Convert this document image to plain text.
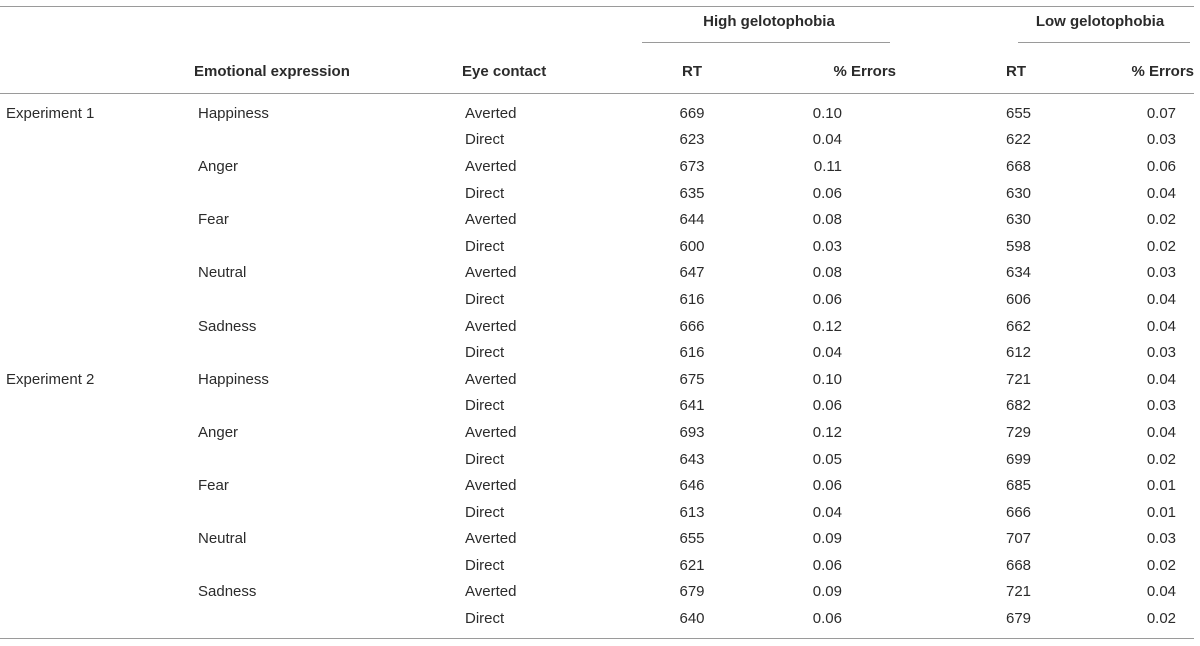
			High gelotophobia			Low gelotophobia	

	Emotional expression	Eye contact	RT	% Errors		RT	% Errors
Experiment 1	Happiness	Averted	669	0.10		655	0.07
		Direct	623	0.04		622	0.03
	Anger	Averted	673	0.11		668	0.06
		Direct	635	0.06		630	0.04
	Fear	Averted	644	0.08		630	0.02
		Direct	600	0.03		598	0.02
	Neutral	Averted	647	0.08		634	0.03
		Direct	616	0.06		606	0.04
	Sadness	Averted	666	0.12		662	0.04
		Direct	616	0.04		612	0.03
Experiment 2	Happiness	Averted	675	0.10		721	0.04
		Direct	641	0.06		682	0.03
	Anger	Averted	693	0.12		729	0.04
		Direct	643	0.05		699	0.02
	Fear	Averted	646	0.06		685	0.01
		Direct	613	0.04		666	0.01
	Neutral	Averted	655	0.09		707	0.03
		Direct	621	0.06		668	0.02
	Sadness	Averted	679	0.09		721	0.04
		Direct	640	0.06		679	0.02
